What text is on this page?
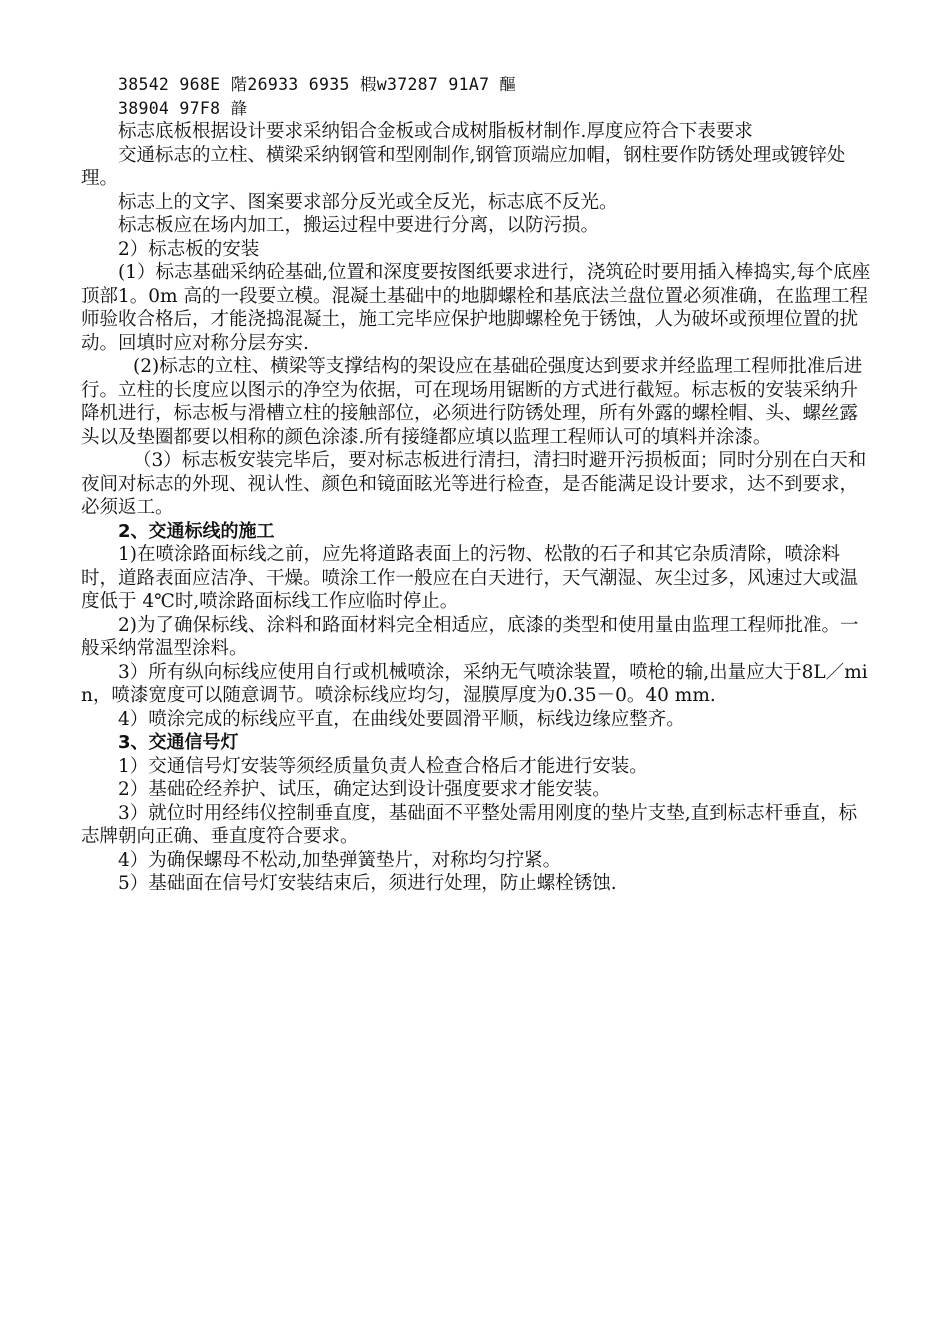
38542 968E 階26933 6935 椵w37287 91A7 醧

38904 97F8 韸

标志底板根据设计要求采纳铝合金板或合成树脂板材制作.厚度应符合下表要求

交通标志的立柱、横梁采纳钢管和型刚制作,钢管顶端应加帽，钢柱要作防锈处理或镀锌处理。

标志上的文字、图案要求部分反光或全反光，标志底不反光。

标志板应在场内加工，搬运过程中要进行分离，以防污损。

2）标志板的安装

(1）标志基础采纳砼基础,位置和深度要按图纸要求进行，浇筑砼时要用插入棒捣实,每个底座顶部1。0m 高的一段要立模。混凝土基础中的地脚螺栓和基底法兰盘位置必须准确，在监理工程师验收合格后，才能浇捣混凝土，施工完毕应保护地脚螺栓免于锈蚀，人为破坏或预埋位置的扰动。回填时应对称分层夯实.

(2)标志的立柱、横梁等支撑结构的架设应在基础砼强度达到要求并经监理工程师批准后进行。立柱的长度应以图示的净空为依据，可在现场用锯断的方式进行截短。标志板的安装采纳升降机进行，标志板与滑槽立柱的接触部位，必须进行防锈处理，所有外露的螺栓帽、头、螺丝露头以及垫圈都要以相称的颜色涂漆.所有接缝都应填以监理工程师认可的填料并涂漆。

（3）标志板安装完毕后，要对标志板进行清扫，清扫时避开污损板面；同时分别在白天和夜间对标志的外现、视认性、颜色和镜面眩光等进行检查，是否能满足设计要求，达不到要求，必须返工。

2、交通标线的施工

1)在喷涂路面标线之前，应先将道路表面上的污物、松散的石子和其它杂质清除，喷涂料时，道路表面应洁净、干燥。喷涂工作一般应在白天进行，天气潮湿、灰尘过多，风速过大或温度低于 4℃时,喷涂路面标线工作应临时停止。

2)为了确保标线、涂料和路面材料完全相适应，底漆的类型和使用量由监理工程师批准。一般采纳常温型涂料。

3）所有纵向标线应使用自行或机械喷涂，采纳无气喷涂装置，喷枪的输,出量应大于8L／min，喷漆宽度可以随意调节。喷涂标线应均匀，湿膜厚度为0.35－0。40 mm.

4）喷涂完成的标线应平直，在曲线处要圆滑平顺，标线边缘应整齐。

3、交通信号灯

1）交通信号灯安装等须经质量负责人检查合格后才能进行安装。

2）基础砼经养护、试压，确定达到设计强度要求才能安装。

3）就位时用经纬仪控制垂直度，基础面不平整处需用刚度的垫片支垫,直到标志杆垂直，标志牌朝向正确、垂直度符合要求。

4）为确保螺母不松动,加垫弹簧垫片，对称均匀拧紧。

5）基础面在信号灯安装结束后，须进行处理，防止螺栓锈蚀.
